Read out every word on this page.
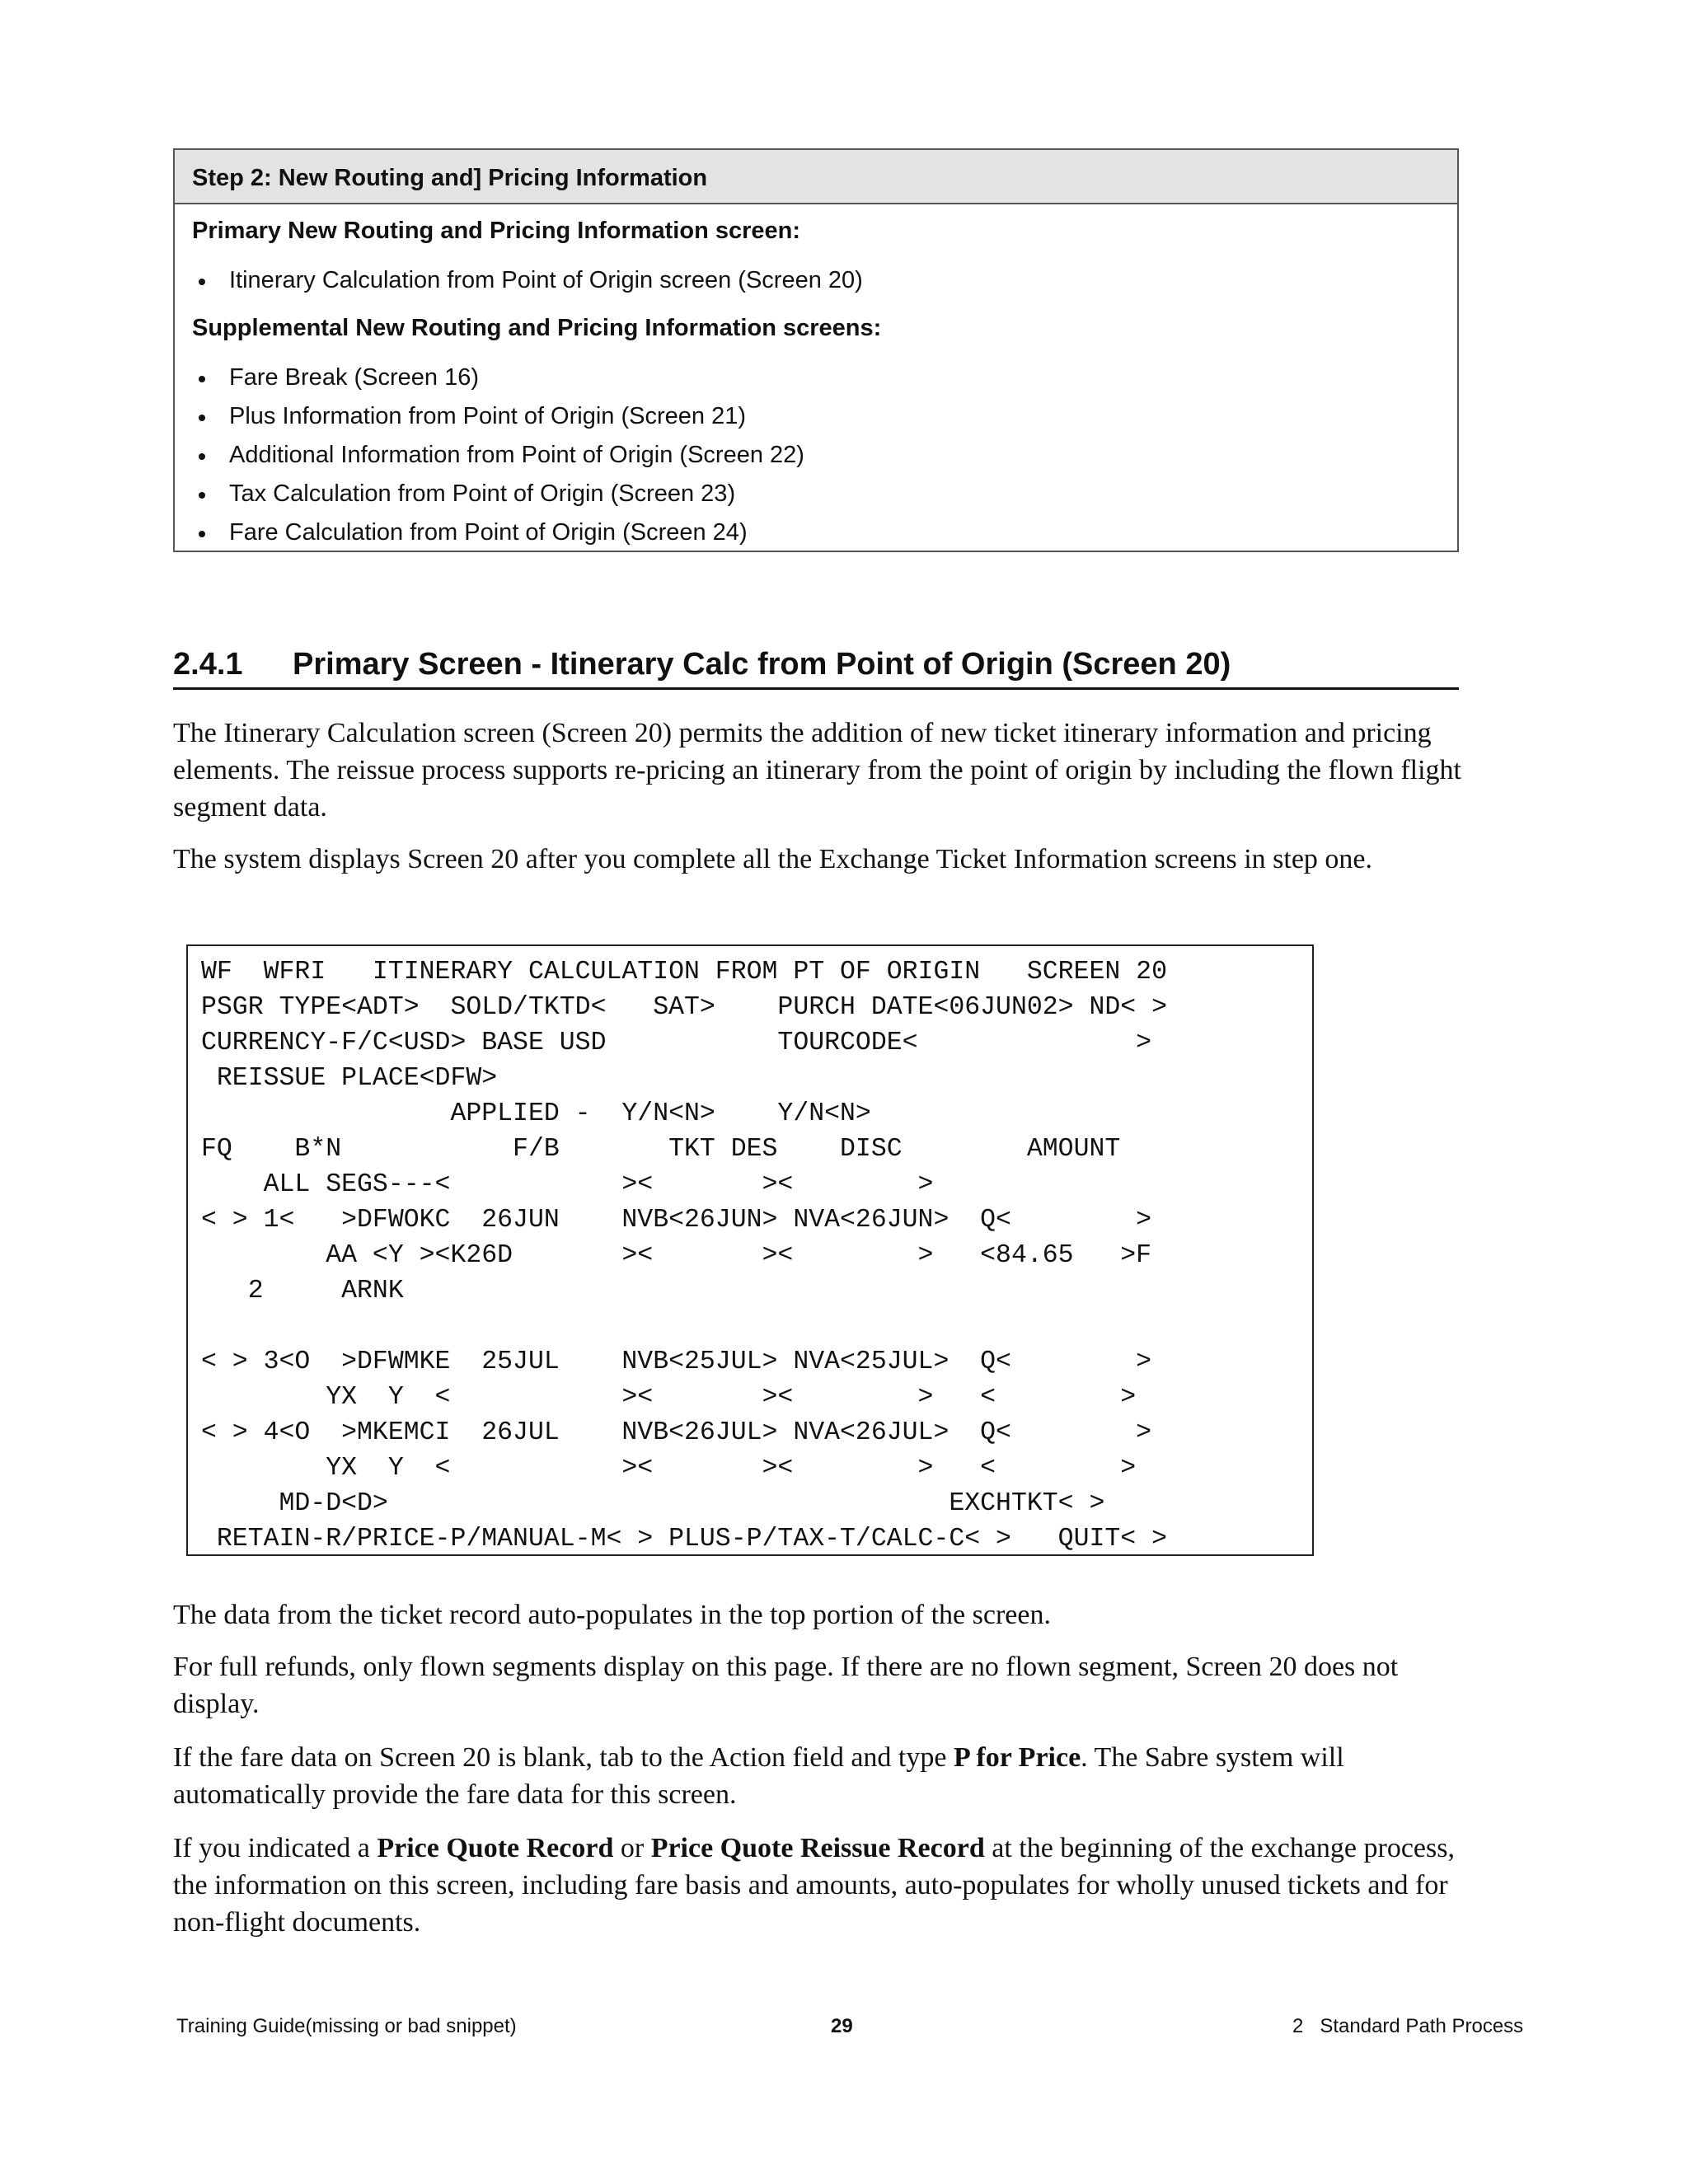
Step 2: New Routing and] Pricing Information

Primary New Routing and Pricing Information screen:

Itinerary Calculation from Point of Origin screen (Screen 20)

Supplemental New Routing and Pricing Information screens:

Fare Break (Screen 16)
Plus Information from Point of Origin (Screen 21)
Additional Information from Point of Origin (Screen 22)
Tax Calculation from Point of Origin (Screen 23)
Fare Calculation from Point of Origin (Screen 24)
2.4.1 Primary Screen - Itinerary Calc from Point of Origin (Screen 20)

The Itinerary Calculation screen (Screen 20) permits the addition of new ticket itinerary information and pricing elements. The reissue process supports re-pricing an itinerary from the point of origin by including the flown flight segment data.

The system displays Screen 20 after you complete all the Exchange Ticket Information screens in step one.

WF  WFRI   ITINERARY CALCULATION FROM PT OF ORIGIN   SCREEN 20
PSGR TYPE<ADT>  SOLD/TKTD<   SAT>    PURCH DATE<06JUN02> ND< >
CURRENCY-F/C<USD> BASE USD           TOURCODE<              >
REISSUE PLACE<DFW>
APPLIED -  Y/N<N>    Y/N<N>
FQ    B*N           F/B       TKT DES    DISC        AMOUNT
ALL SEGS---<           ><       ><        >
< > 1<   >DFWOKC  26JUN    NVB<26JUN> NVA<26JUN>  Q<        >
AA <Y ><K26D       ><       ><        >   <84.65   >F
2     ARNK

< > 3<O  >DFWMKE  25JUL    NVB<25JUL> NVA<25JUL>  Q<        >
YX  Y  <           ><       ><        >   <        >
< > 4<O  >MKEMCI  26JUL    NVB<26JUL> NVA<26JUL>  Q<        >
YX  Y  <           ><       ><        >   <        >
MD-D<D>                                    EXCHTKT< >
RETAIN-R/PRICE-P/MANUAL-M< > PLUS-P/TAX-T/CALC-C< >   QUIT< >

The data from the ticket record auto-populates in the top portion of the screen.

For full refunds, only flown segments display on this page. If there are no flown segment, Screen 20 does not display.

If the fare data on Screen 20 is blank, tab to the Action field and type P for Price. The Sabre system will automatically provide the fare data for this screen.

If you indicated a Price Quote Record or Price Quote Reissue Record at the beginning of the exchange process, the information on this screen, including fare basis and amounts, auto-populates for wholly unused tickets and for non-flight documents.

Training Guide(missing or bad snippet)	29	2 Standard Path Process
